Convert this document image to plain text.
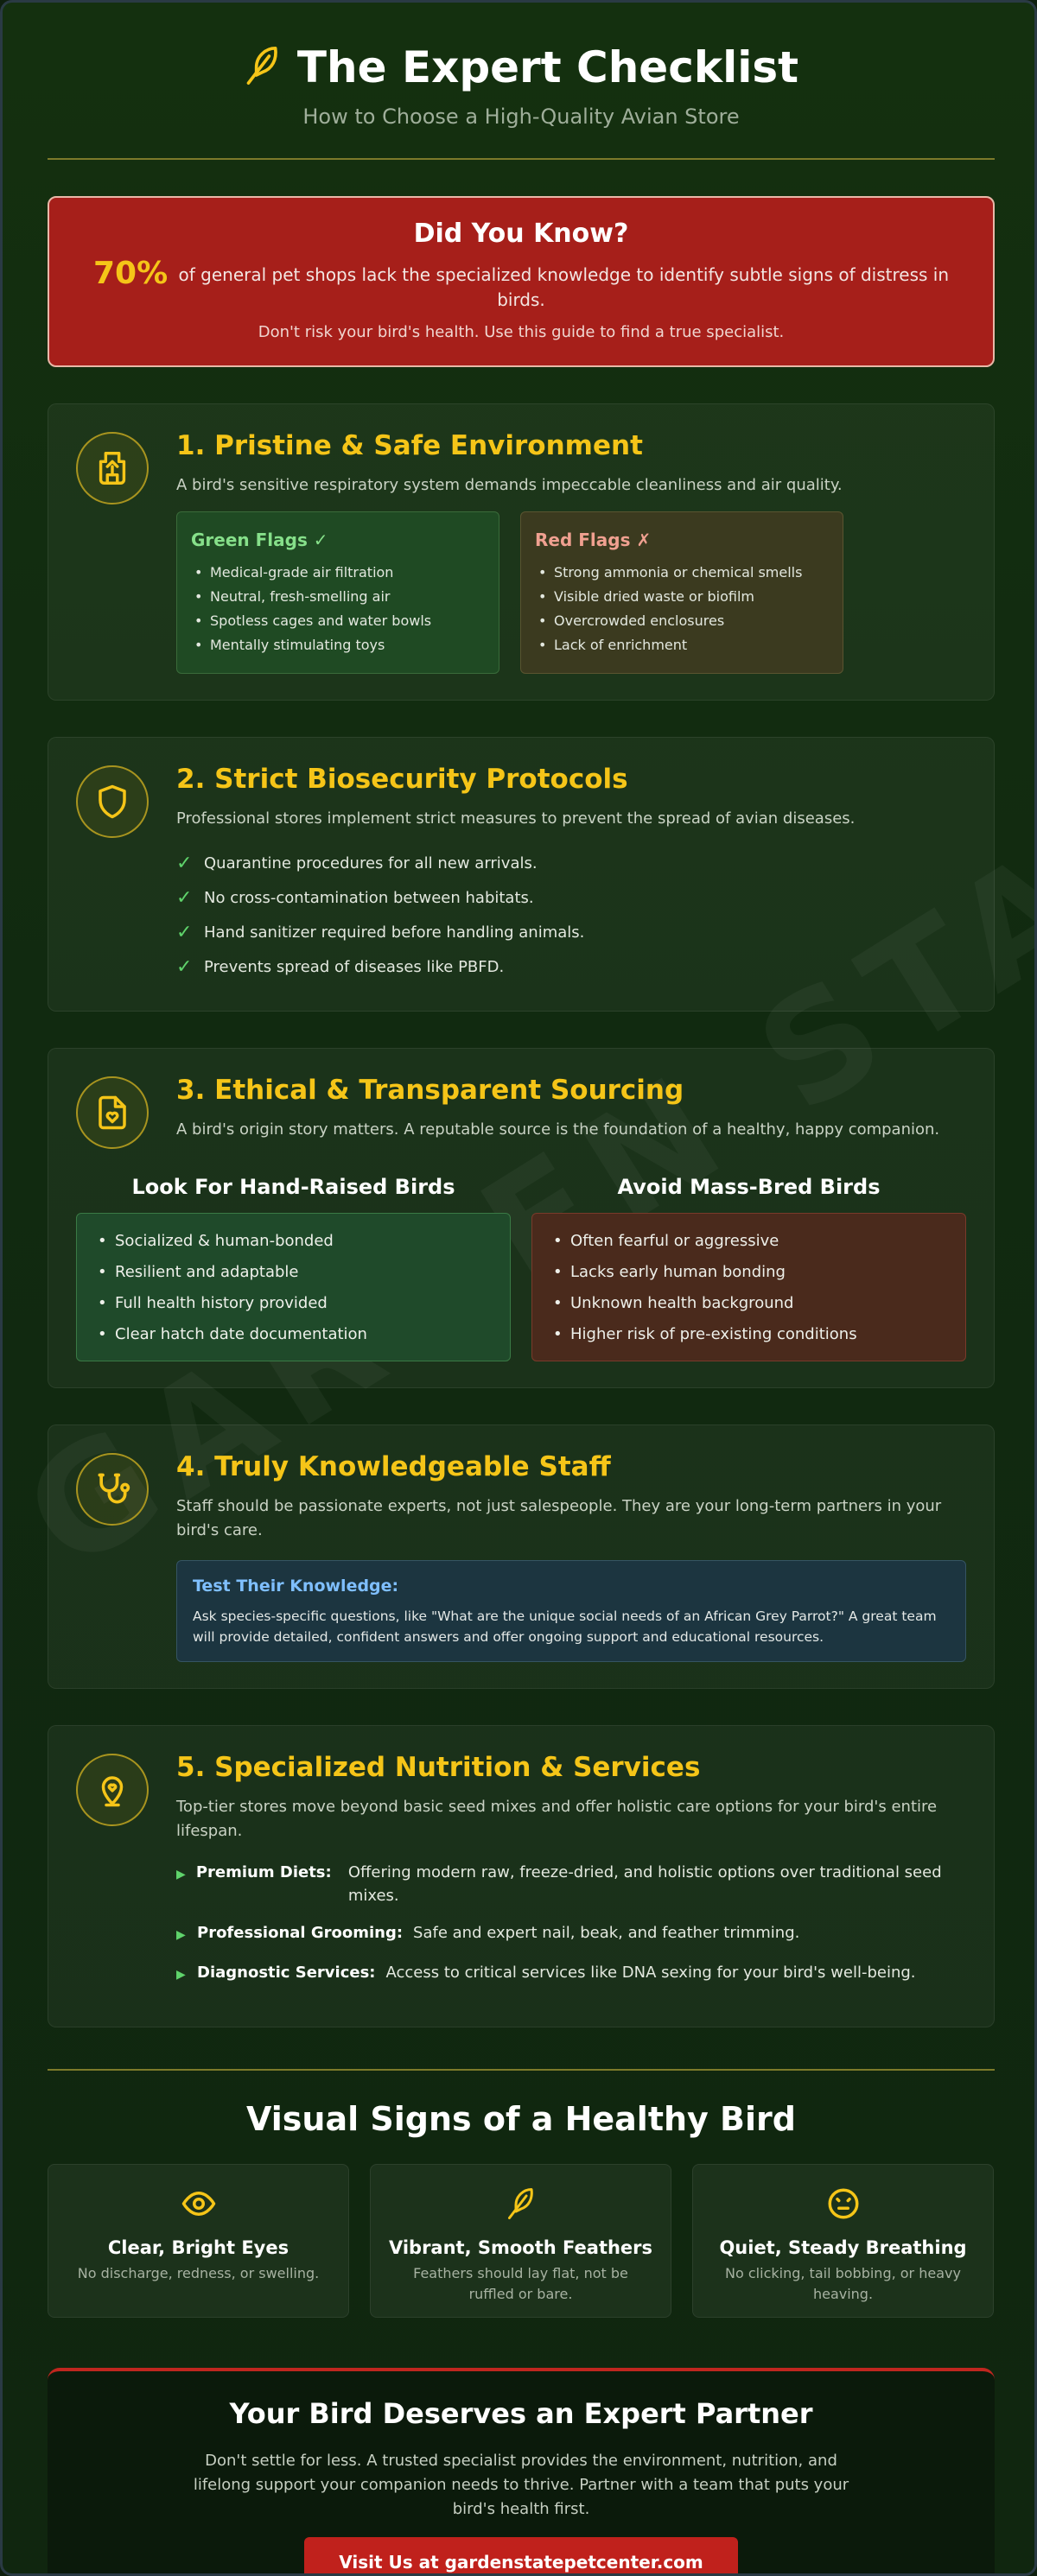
The Expert Checklist
How to Choose a High-Quality Avian Store
Did You Know?
70% of general pet shops lack the specialized knowledge to identify subtle signs of distress in birds.
Don't risk your bird's health. Use this guide to find a true specialist.
1. Pristine & Safe Environment
A bird's sensitive respiratory system demands impeccable cleanliness and air quality.
Green Flags ✓
• Medical-grade air filtration
• Neutral, fresh-smelling air
• Spotless cages and water bowls
• Mentally stimulating toys
Red Flags ✗
• Strong ammonia or chemical smells
• Visible dried waste or biofilm
• Overcrowded enclosures
• Lack of enrichment
2. Strict Biosecurity Protocols
Professional stores implement strict measures to prevent the spread of avian diseases.
✓ Quarantine procedures for all new arrivals.
✓ No cross-contamination between habitats.
✓ Hand sanitizer required before handling animals.
✓ Prevents spread of diseases like PBFD.
3. Ethical & Transparent Sourcing
A bird's origin story matters. A reputable source is the foundation of a healthy, happy companion.
Look For Hand-Raised Birds
• Socialized & human-bonded
• Resilient and adaptable
• Full health history provided
• Clear hatch date documentation
Avoid Mass-Bred Birds
• Often fearful or aggressive
• Lacks early human bonding
• Unknown health background
• Higher risk of pre-existing conditions
4. Truly Knowledgeable Staff
Staff should be passionate experts, not just salespeople. They are your long-term partners in your bird's care.
Test Their Knowledge:

Ask species-specific questions, like "What are the unique social needs of an African Grey Parrot?" A great team will provide detailed, confident answers and offer ongoing support and educational resources.

5. Specialized Nutrition & Services
Top-tier stores move beyond basic seed mixes and offer holistic care options for your bird's entire lifespan.
▶ Premium Diets:	Offering modern raw, freeze-dried, and holistic options over traditional seed mixes.
▶ Professional Grooming: Safe and expert nail, beak, and feather trimming.
▶ Diagnostic Services: Access to critical services like DNA sexing for your bird's well-being.
Visual Signs of a Healthy Bird
Clear, Bright Eyes

No discharge, redness, or swelling.

Vibrant, Smooth Feathers

Feathers should lay flat, not be ruffled or bare.

Quiet, Steady Breathing

No clicking, tail bobbing, or heavy heaving.

Your Bird Deserves an Expert Partner

Don't settle for less. A trusted specialist provides the environment, nutrition, and lifelong support your companion needs to thrive. Partner with a team that puts your bird's health first.

Visit Us at gardenstatepetcenter.com
